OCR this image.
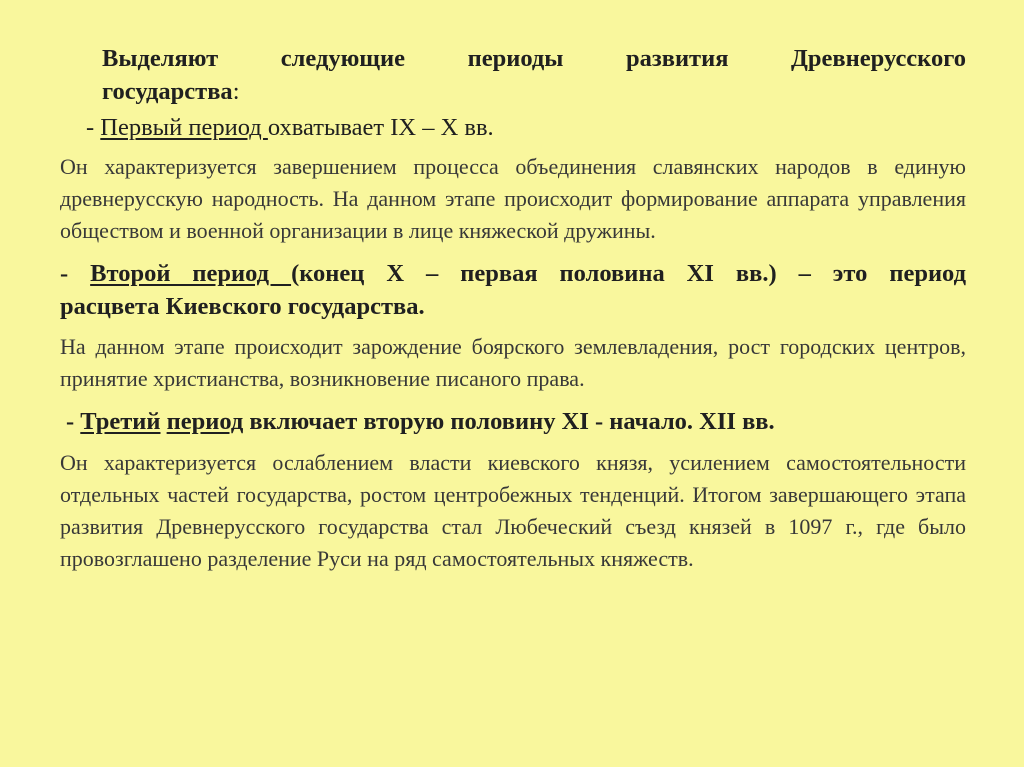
Выделяют следующие периоды развития Древнерусского
государства:

- Первый период охватывает IX – X вв.

Он характеризуется завершением процесса объединения славянских народов в единую древнерусскую народность. На данном этапе происходит формирование аппарата управления обществом и военной организации в лице княжеской дружины.

- Второй период (конец X – первая половина XI вв.) – это период
расцвета Киевского государства.

На данном этапе происходит зарождение боярского землевладения, рост городских центров, принятие христианства, возникновение писаного права.

- Третий период включает вторую половину XI - начало. XII вв.

Он характеризуется ослаблением власти киевского князя, усилением самостоятельности отдельных частей государства, ростом центробежных тенденций. Итогом завершающего этапа развития Древнерусского государства стал Любеческий съезд князей в 1097 г., где было провозглашено разделение Руси на ряд самостоятельных княжеств.
